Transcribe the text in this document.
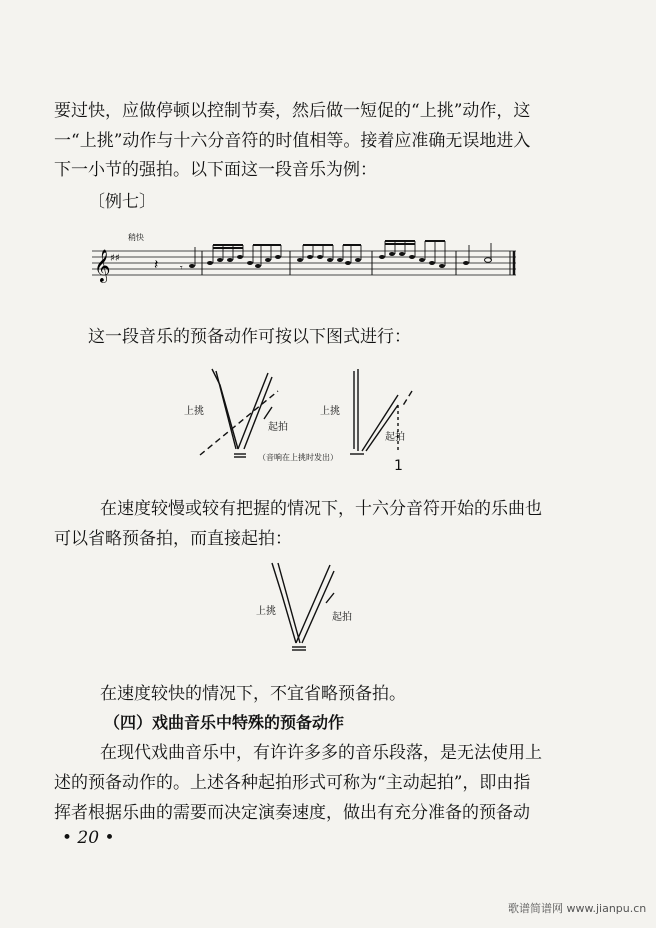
要过快，应做停顿以控制节奏，然后做一短促的“上挑”动作，这
一“上挑”动作与十六分音符的时值相等。接着应准确无误地进入
下一小节的强拍。以下面这一段音乐为例：
〔例七〕
稍快
𝄞 ♯♯ 𝄽 𝄾
这一段音乐的预备动作可按以下图式进行：
上挑
起拍
上挑
起拍
（音响在上挑时发出）
1
在速度较慢或较有把握的情况下，十六分音符开始的乐曲也
可以省略预备拍，而直接起拍：
上挑
起拍
在速度较快的情况下，不宜省略预备拍。
（四）戏曲音乐中特殊的预备动作
在现代戏曲音乐中，有许许多多的音乐段落，是无法使用上
述的预备动作的。上述各种起拍形式可称为“主动起拍”，即由指
挥者根据乐曲的需要而决定演奏速度，做出有充分准备的预备动
• 20 •
歌谱简谱网 www.jianpu.cn
